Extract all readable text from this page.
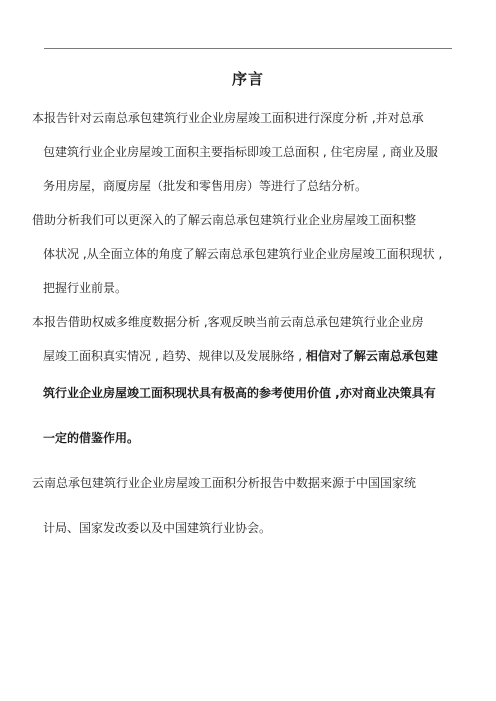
序言
本报告针对云南总承包建筑行业企业房屋竣工面积进行深度分析 ,并对总承
包建筑行业企业房屋竣工面积主要指标即竣工总面积 , 住宅房屋 , 商业及服
务用房屋，商厦房屋（批发和零售用房）等进行了总结分析。
借助分析我们可以更深入的了解云南总承包建筑行业企业房屋竣工面积整
体状况 ,从全面立体的角度了解云南总承包建筑行业企业房屋竣工面积现状 ,
把握行业前景。
本报告借助权威多维度数据分析 ,客观反映当前云南总承包建筑行业企业房
屋竣工面积真实情况 , 趋势、规律以及发展脉络 , 相信对了解云南总承包建
筑行业企业房屋竣工面积现状具有极高的参考使用价值 ,亦对商业决策具有
一定的借鉴作用。
云南总承包建筑行业企业房屋竣工面积分析报告中数据来源于中国国家统
计局、国家发改委以及中国建筑行业协会。
